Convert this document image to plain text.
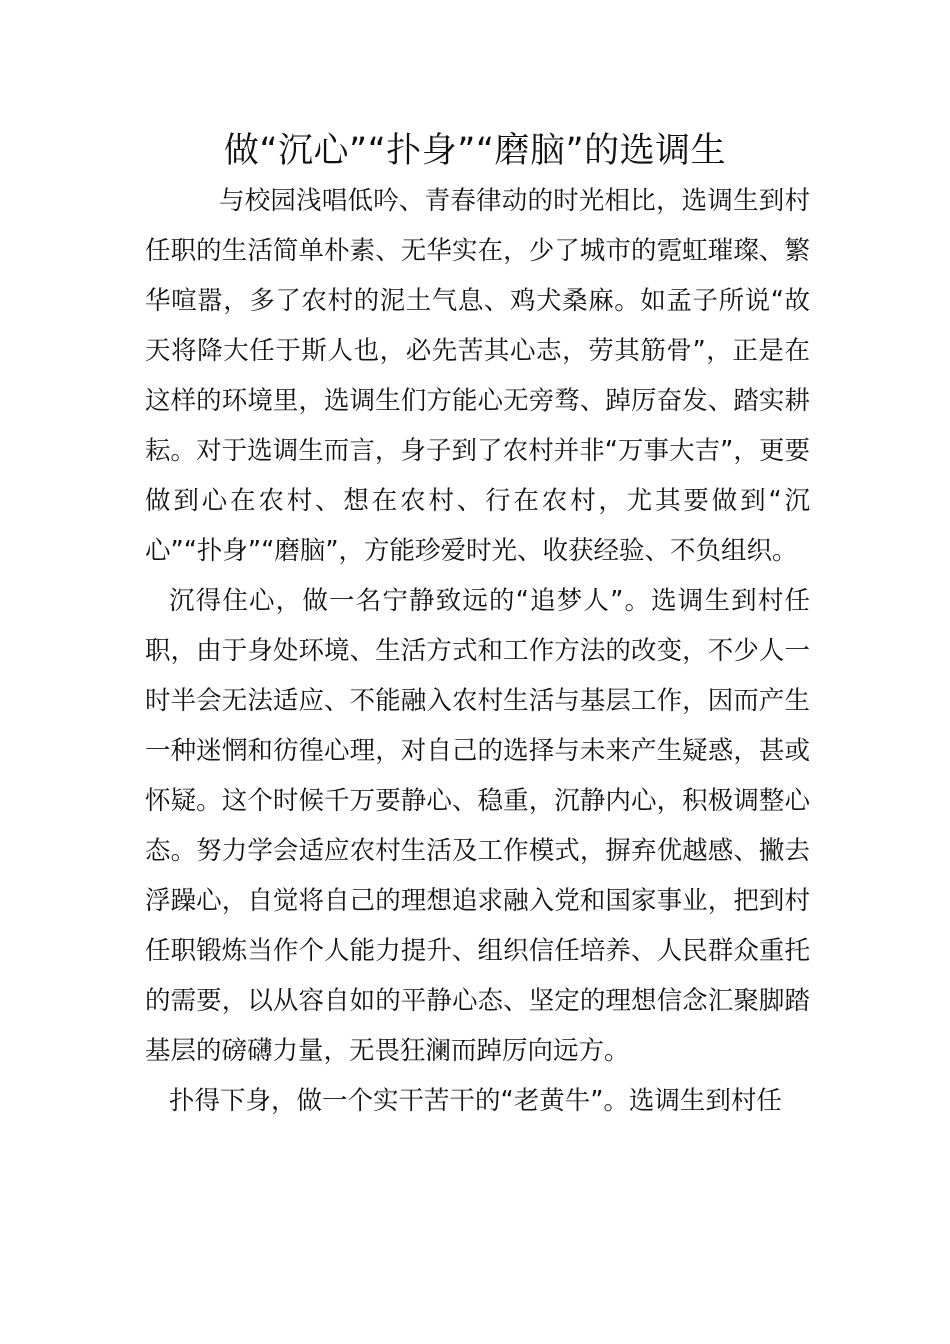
做“沉心”“扑身”“磨脑”的选调生

与校园浅唱低吟、青春律动的时光相比，选调生到村任职的生活简单朴素、无华实在，少了城市的霓虹璀璨、繁华喧嚣，多了农村的泥土气息、鸡犬桑麻。如孟子所说“故天将降大任于斯人也，必先苦其心志，劳其筋骨”，正是在这样的环境里，选调生们方能心无旁骛、踔厉奋发、踏实耕耘。对于选调生而言，身子到了农村并非“万事大吉”，更要做到心在农村、想在农村、行在农村，尤其要做到“沉心”“扑身”“磨脑”，方能珍爱时光、收获经验、不负组织。

沉得住心，做一名宁静致远的“追梦人”。选调生到村任职，由于身处环境、生活方式和工作方法的改变，不少人一时半会无法适应、不能融入农村生活与基层工作，因而产生一种迷惘和彷徨心理，对自己的选择与未来产生疑惑，甚或怀疑。这个时候千万要静心、稳重，沉静内心，积极调整心态。努力学会适应农村生活及工作模式，摒弃优越感、撇去浮躁心，自觉将自己的理想追求融入党和国家事业，把到村任职锻炼当作个人能力提升、组织信任培养、人民群众重托的需要，以从容自如的平静心态、坚定的理想信念汇聚脚踏基层的磅礴力量，无畏狂澜而踔厉向远方。

扑得下身，做一个实干苦干的“老黄牛”。选调生到村任
